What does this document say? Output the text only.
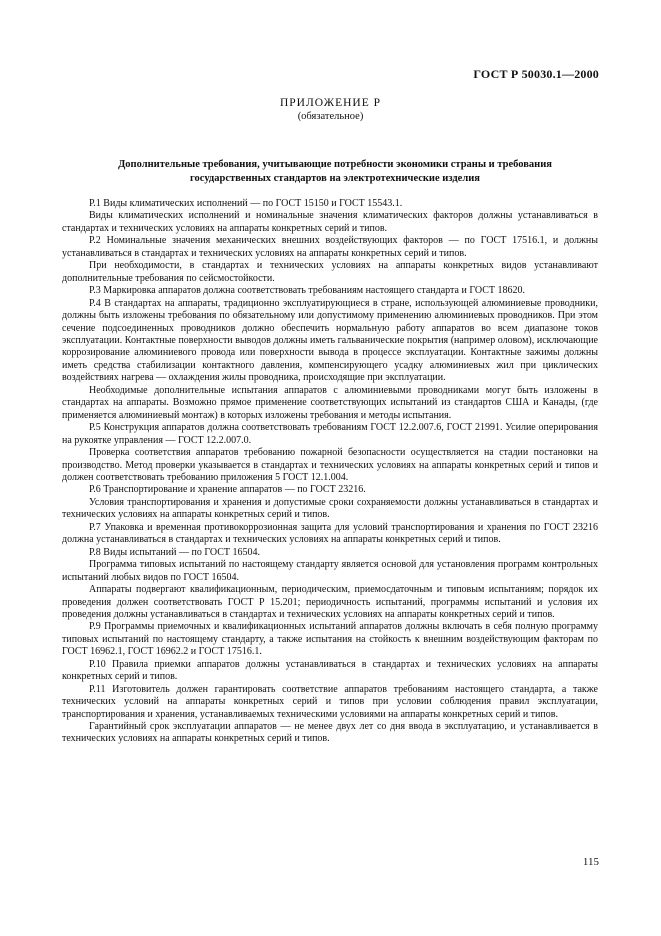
ГОСТ Р 50030.1—2000
ПРИЛОЖЕНИЕ Р
(обязательное)
Дополнительные требования, учитывающие потребности экономики страны и требования государственных стандартов на электротехнические изделия

Р.1 Виды климатических исполнений — по ГОСТ 15150 и ГОСТ 15543.1.

Виды климатических исполнений и номинальные значения климатических факторов должны устанавливаться в стандартах и технических условиях на аппараты конкретных серий и типов.

Р.2 Номинальные значения механических внешних воздействующих факторов — по ГОСТ 17516.1, и должны устанавливаться в стандартах и технических условиях на аппараты конкретных серий и типов.

При необходимости, в стандартах и технических условиях на аппараты конкретных видов устанавливают дополнительные требования по сейсмостойкости.

Р.3 Маркировка аппаратов должна соответствовать требованиям настоящего стандарта и ГОСТ 18620.

Р.4 В стандартах на аппараты, традиционно эксплуатирующиеся в стране, использующей алюминиевые проводники, должны быть изложены требования по обязательному или допустимому применению алюминиевых проводников. При этом сечение подсоединенных проводников должно обеспечить нормальную работу аппаратов во всем диапазоне токов эксплуатации. Контактные поверхности выводов должны иметь гальванические покрытия (например оловом), исключающие коррозирование алюминиевого провода или поверхности вывода в процессе эксплуатации. Контактные зажимы должны иметь средства стабилизации контактного давления, компенсирующего усадку алюминиевых жил при циклических воздействиях нагрева — охлаждения жилы проводника, происходящие при эксплуатации.

Необходимые дополнительные испытания аппаратов с алюминиевыми проводниками могут быть изложены в стандартах на аппараты. Возможно прямое применение соответствующих испытаний из стандартов США и Канады, (где применяется алюминиевый монтаж) в которых изложены требования и методы испытания.

Р.5 Конструкция аппаратов должна соответствовать требованиям ГОСТ 12.2.007.6, ГОСТ 21991. Усилие оперирования на рукоятке управления — ГОСТ 12.2.007.0.

Проверка соответствия аппаратов требованию пожарной безопасности осуществляется на стадии постановки на производство. Метод проверки указывается в стандартах и технических условиях на аппараты конкретных серий и типов и должен соответствовать требованию приложения 5 ГОСТ 12.1.004.

Р.6 Транспортирование и хранение аппаратов — по ГОСТ 23216.

Условия транспортирования и хранения и допустимые сроки сохраняемости должны устанавливаться в стандартах и технических условиях на аппараты конкретных серий и типов.

Р.7 Упаковка и временная противокоррозионная защита для условий транспортирования и хранения по ГОСТ 23216 должна устанавливаться в стандартах и технических условиях на аппараты конкретных серий и типов.

Р.8 Виды испытаний — по ГОСТ 16504.

Программа типовых испытаний по настоящему стандарту является основой для установления программ контрольных испытаний любых видов по ГОСТ 16504.

Аппараты подвергают квалификационным, периодическим, приемосдаточным и типовым испытаниям; порядок их проведения должен соответствовать ГОСТ Р 15.201; периодичность испытаний, программы испытаний и условия их проведения должны устанавливаться в стандартах и технических условиях на аппараты конкретных серий и типов.

Р.9 Программы приемочных и квалификационных испытаний аппаратов должны включать в себя полную программу типовых испытаний по настоящему стандарту, а также испытания на стойкость к внешним воздействующим факторам по ГОСТ 16962.1, ГОСТ 16962.2 и ГОСТ 17516.1.

Р.10 Правила приемки аппаратов должны устанавливаться в стандартах и технических условиях на аппараты конкретных серий и типов.

Р.11 Изготовитель должен гарантировать соответствие аппаратов требованиям настоящего стандарта, а также технических условий на аппараты конкретных серий и типов при условии соблюдения правил эксплуатации, транспортирования и хранения, устанавливаемых техническими условиями на аппараты конкретных серий и типов.

Гарантийный срок эксплуатации аппаратов — не менее двух лет со дня ввода в эксплуатацию, и устанавливается в технических условиях на аппараты конкретных серий и типов.

115
